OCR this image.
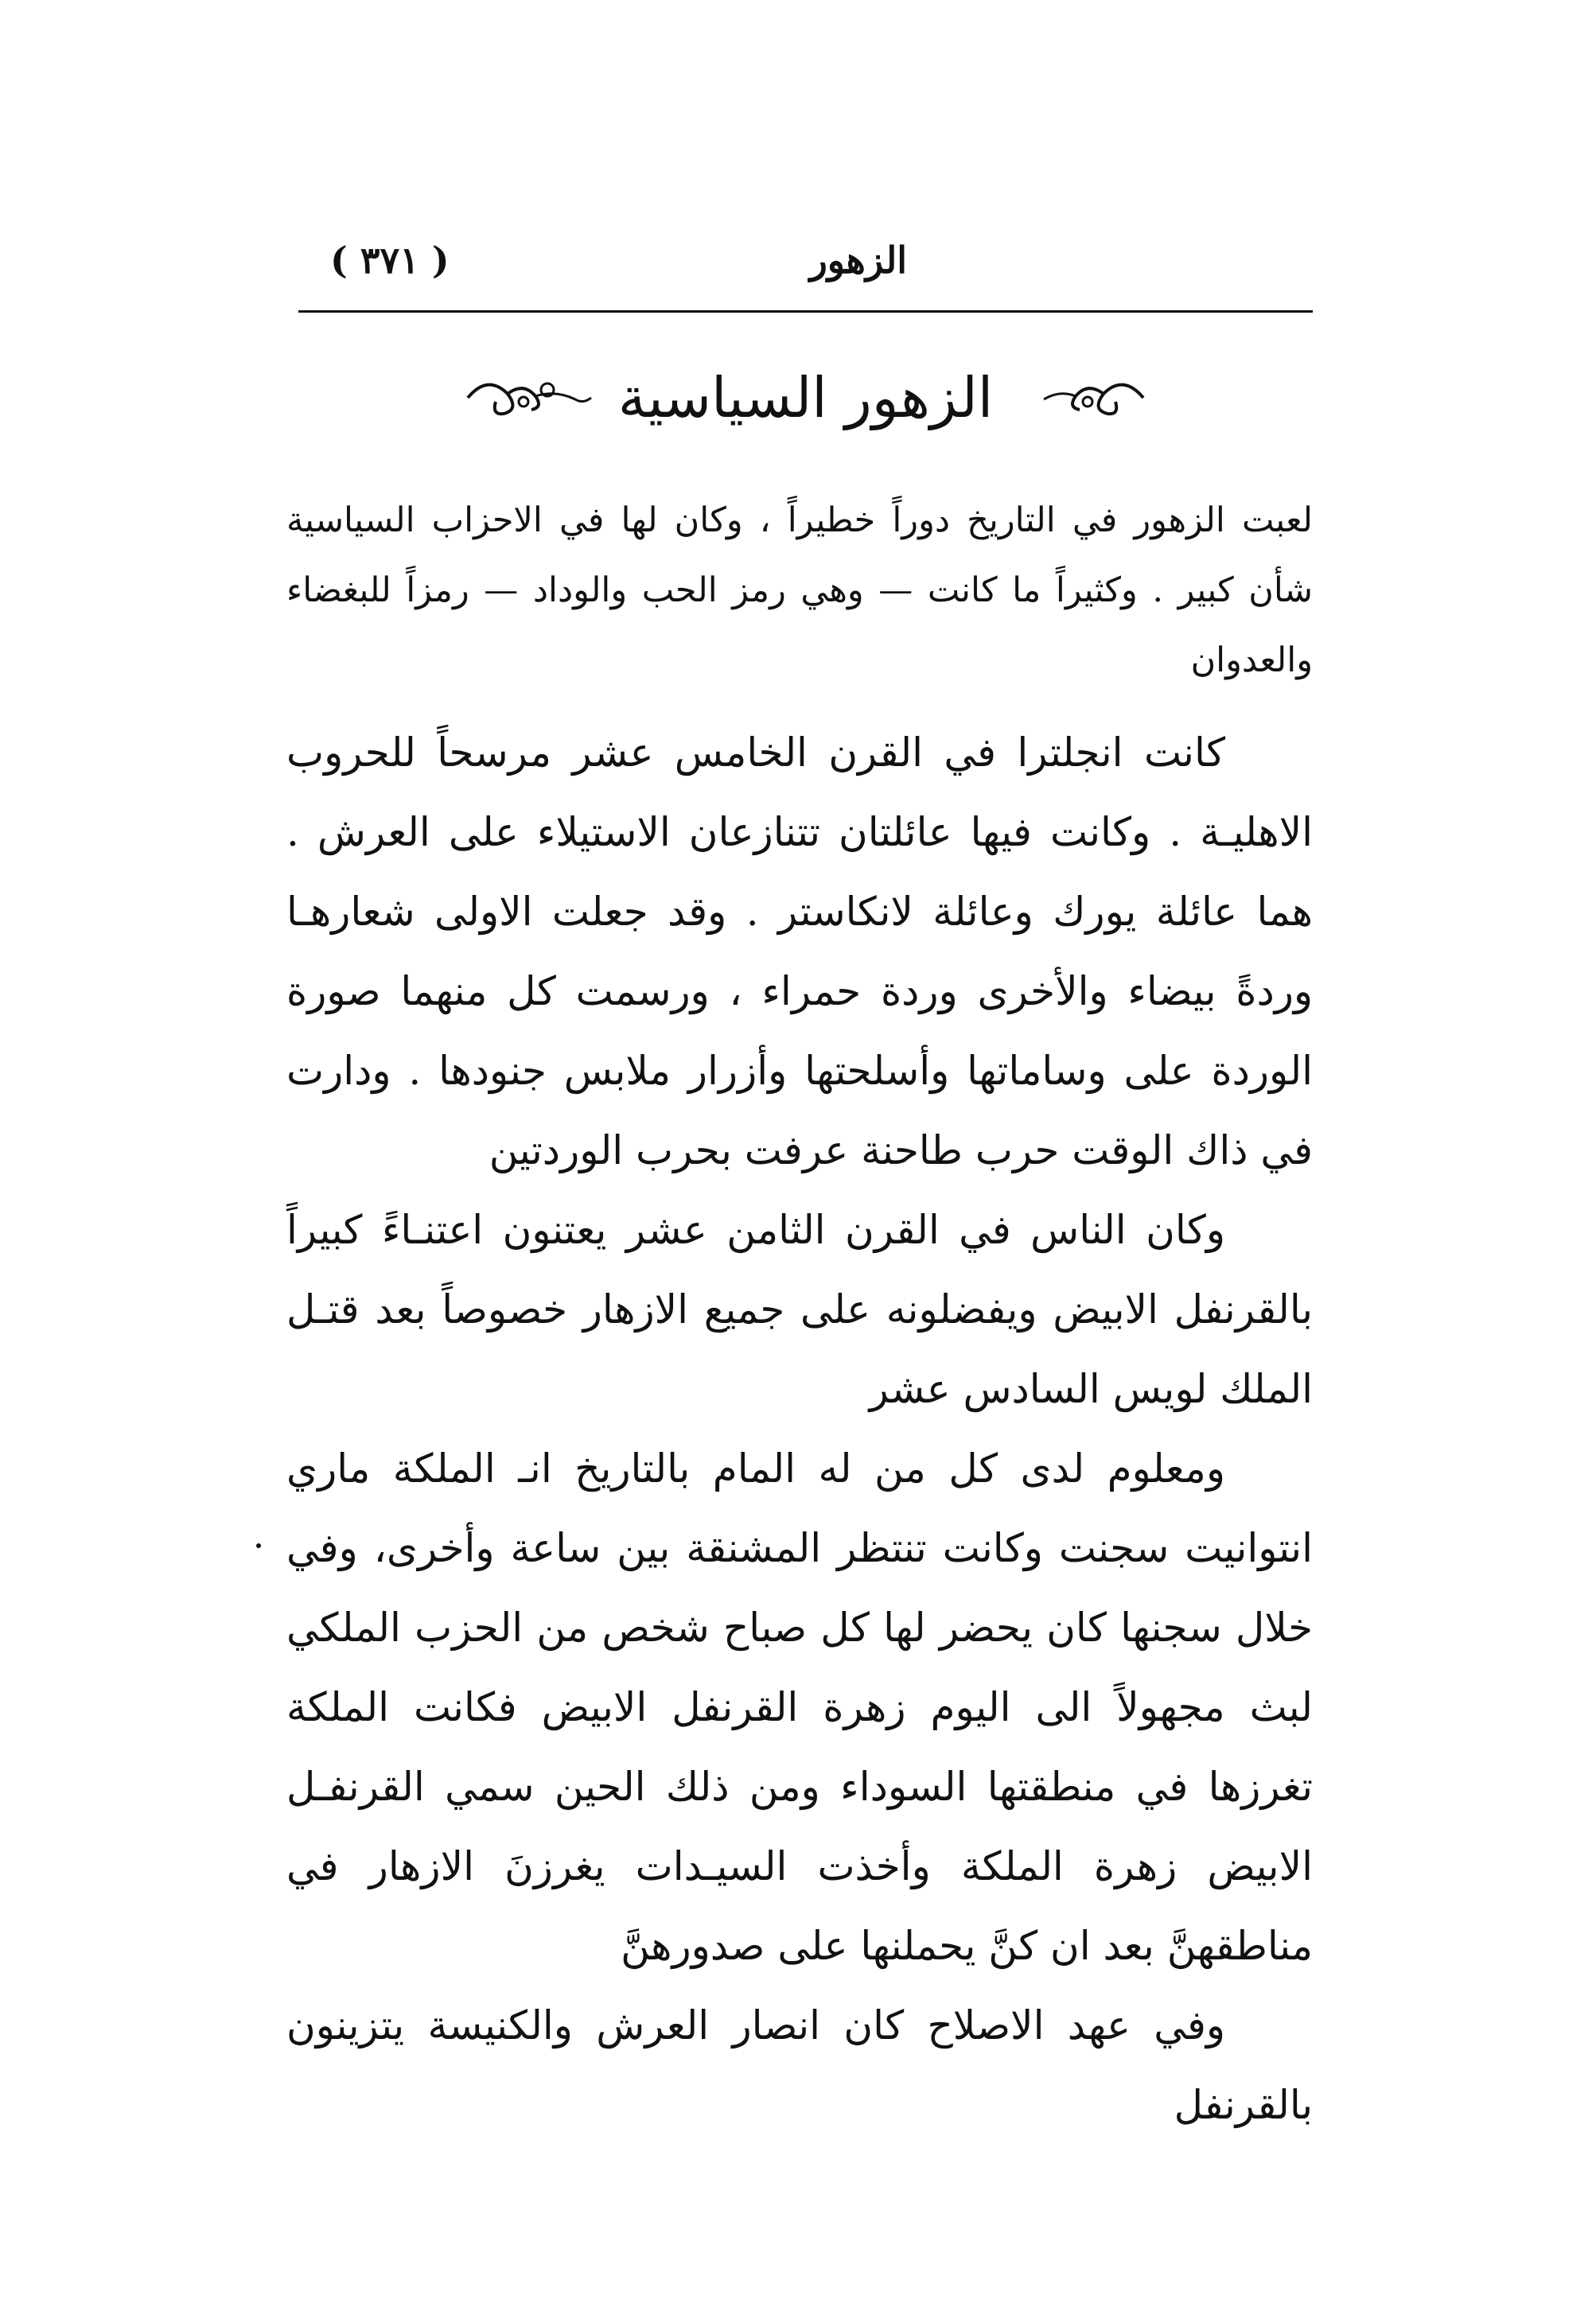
الزهور
( ٣٧١ )
الزهور السياسية

لعبت الزهور في التاريخ دوراً خطيراً ، وكان لها في الاحزاب السياسية شأن كبير . وكثيراً ما كانت — وهي رمز الحب والوداد — رمزاً للبغضاء والعدوان

كانت انجلترا في القرن الخامس عشر مرسحاً للحروب الاهليـة . وكانت فيها عائلتان تتنازعان الاستيلاء على العرش . هما عائلة يورك وعائلة لانكاستر . وقد جعلت الاولى شعارهـا وردةً بيضاء والأخرى وردة حمراء ، ورسمت كل منهما صورة الوردة على وساماتها وأسلحتها وأزرار ملابس جنودها . ودارت في ذاك الوقت حرب طاحنة عرفت بحرب الوردتين

وكان الناس في القرن الثامن عشر يعتنون اعتنـاءً كبيراً بالقرنفل الابيض ويفضلونه على جميع الازهار خصوصاً بعد قتـل الملك لويس السادس عشر

ومعلوم لدى كل من له المام بالتاريخ انـ الملكة ماري انتوانيت سجنت وكانت تنتظر المشنقة بين ساعة وأخرى، وفي خلال سجنها كان يحضر لها كل صباح شخص من الحزب الملكي لبث مجهولاً الى اليوم زهرة القرنفل الابيض فكانت الملكة تغرزها في منطقتها السوداء ومن ذلك الحين سمي القرنفـل الابيض زهرة الملكة وأخذت السيـدات يغرزنَ الازهار في مناطقهنَّ بعد ان كنَّ يحملنها على صدورهنَّ

وفي عهد الاصلاح كان انصار العرش والكنيسة يتزينون بالقرنفل
